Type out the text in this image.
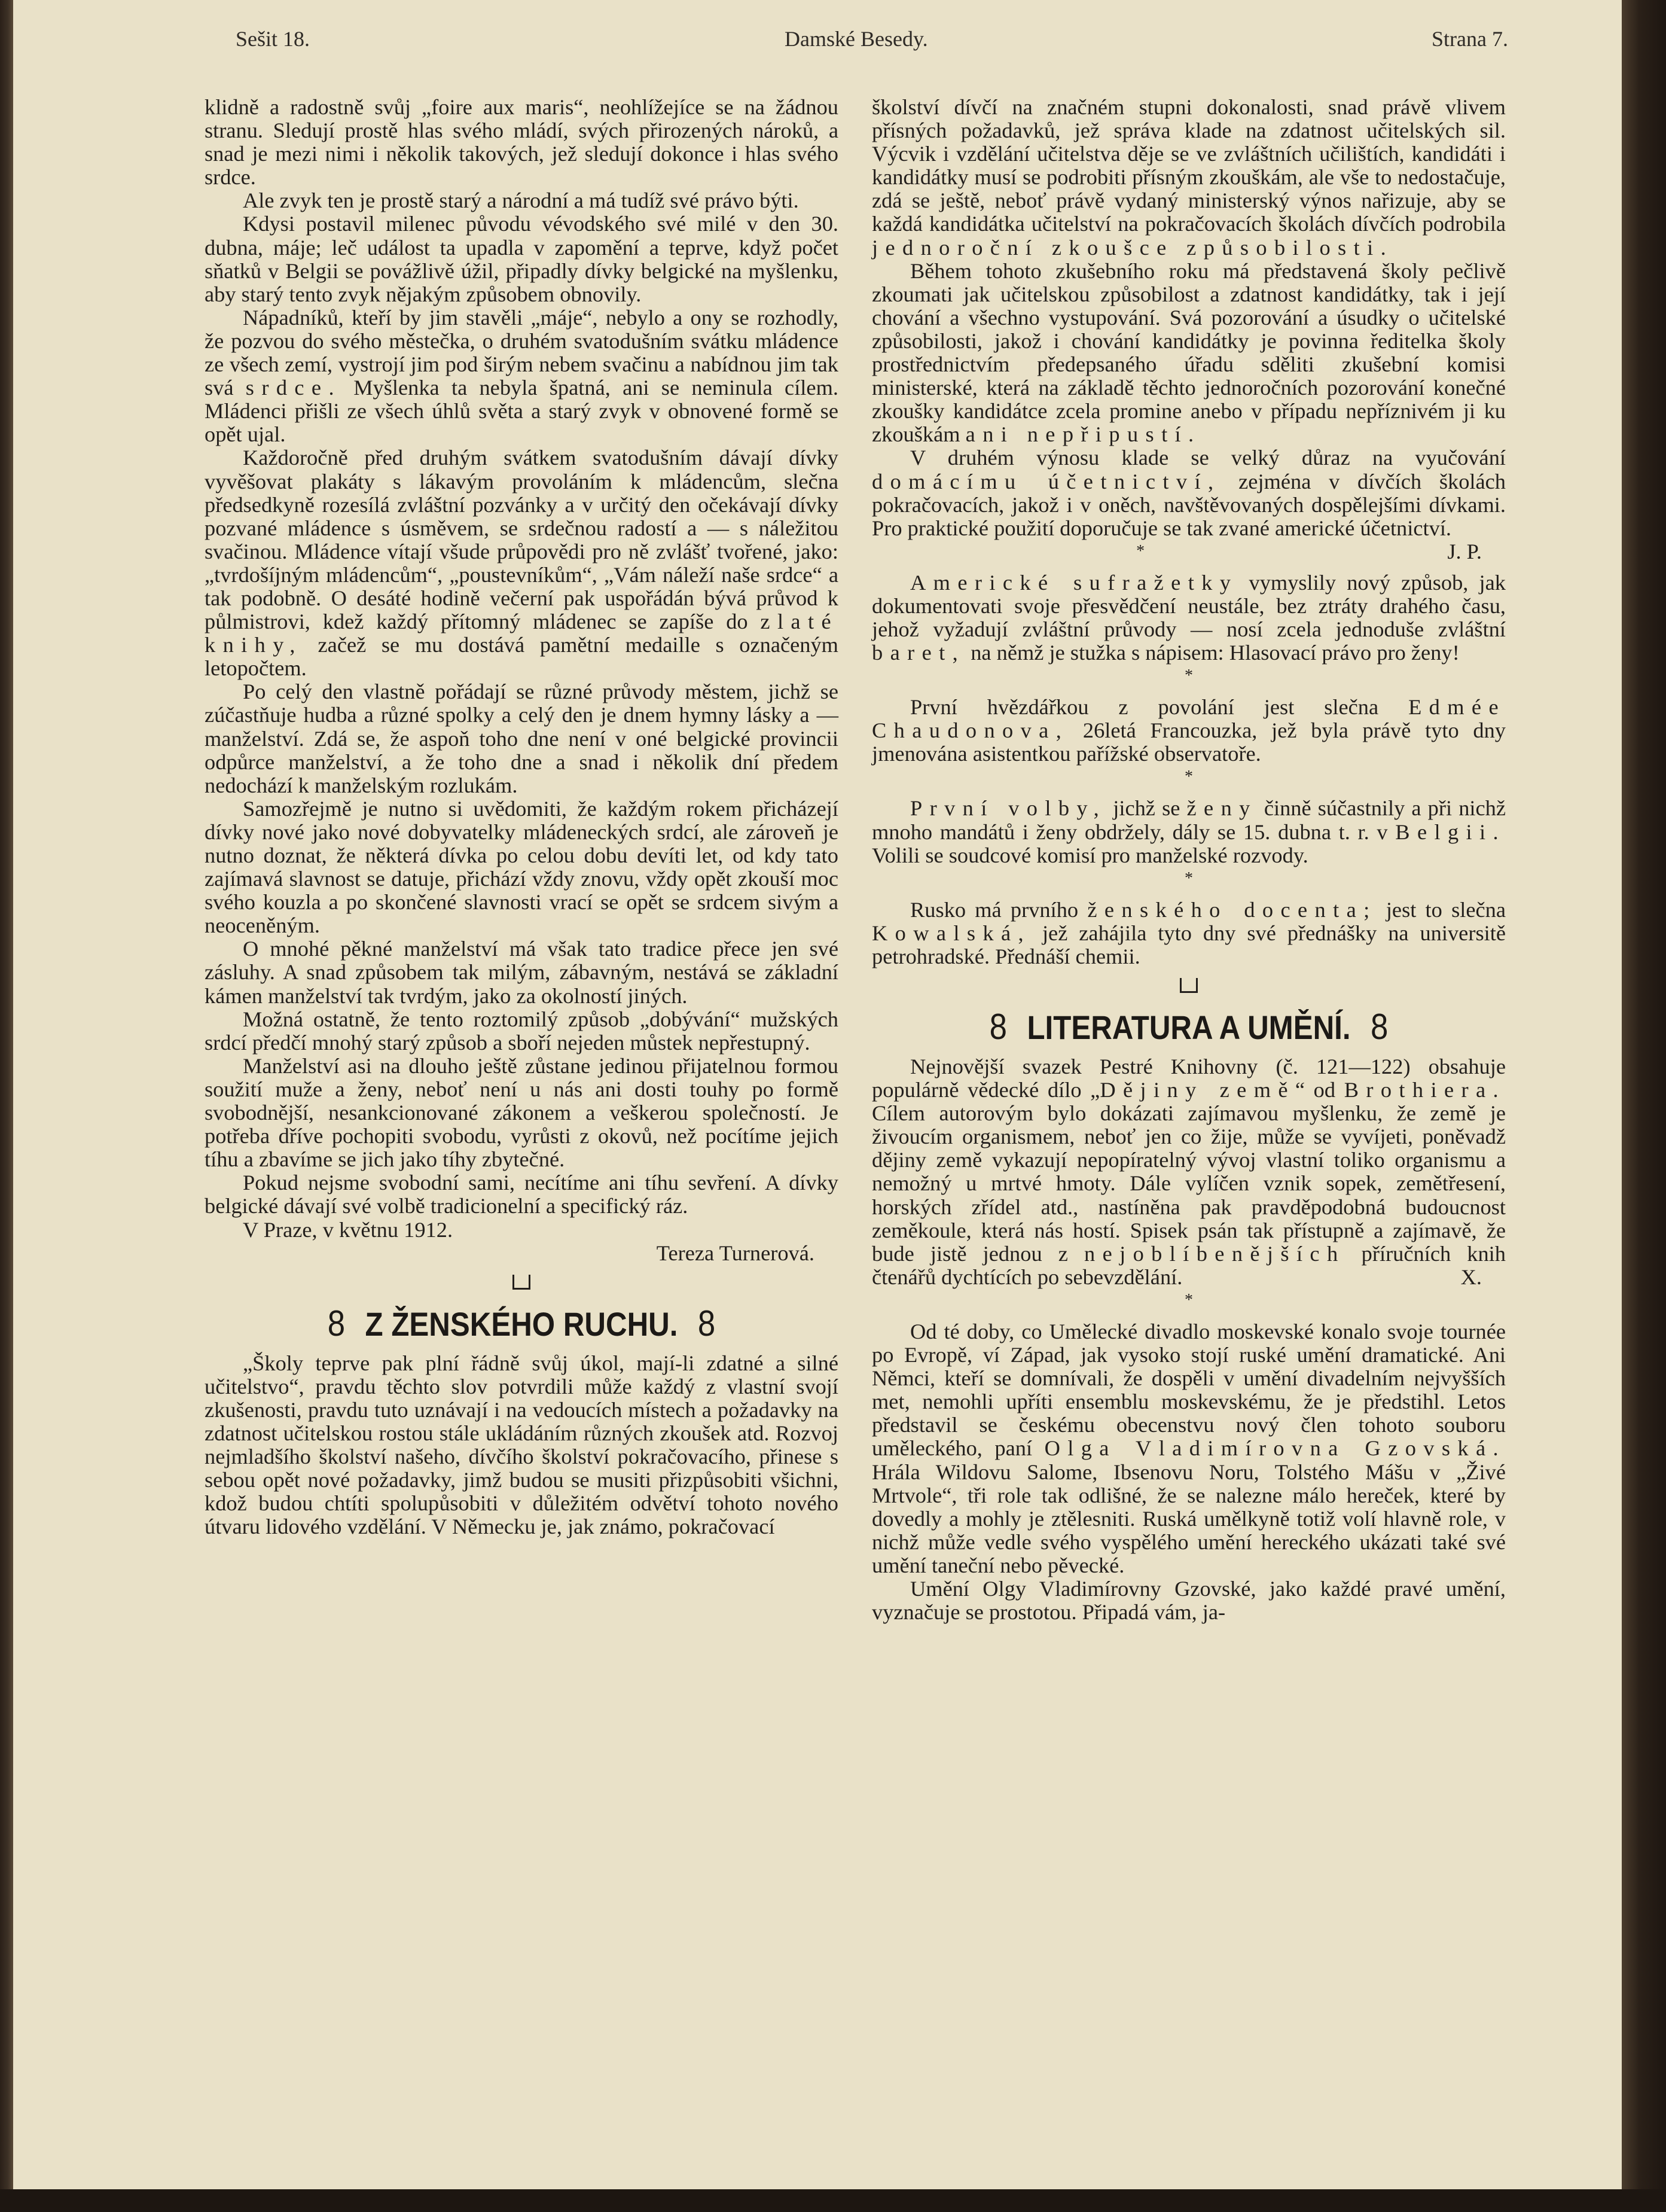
Sešit 18.	Damské Besedy.	Strana 7.

klidně a radostně svůj „foire aux maris“, neohlížejíce se na žádnou stranu. Sledují prostě hlas svého mládí, svých přirozených nároků, a snad je mezi nimi i několik takových, jež sledují dokonce i hlas svého srdce.

Ale zvyk ten je prostě starý a národní a má tudíž své právo býti.

Kdysi postavil milenec původu vévodského své milé v den 30. dubna, máje; leč událost ta upadla v zapomění a teprve, když počet sňatků v Belgii se povážlivě úžil, připadly dívky belgické na myšlenku, aby starý tento zvyk nějakým způsobem obnovily.

Nápadníků, kteří by jim stavěli „máje“, nebylo a ony se rozhodly, že pozvou do svého městečka, o druhém svatodušním svátku mládence ze všech zemí, vystrojí jim pod širým nebem svačinu a nabídnou jim tak svá srdce. Myšlenka ta nebyla špatná, ani se neminula cílem. Mládenci přišli ze všech úhlů světa a starý zvyk v obnovené formě se opět ujal.

Každoročně před druhým svátkem svatodušním dávají dívky vyvěšovat plakáty s lákavým provoláním k mládencům, slečna předsedkyně rozesílá zvláštní pozvánky a v určitý den očekávají dívky pozvané mládence s úsměvem, se srdečnou radostí a — s náležitou svačinou. Mládence vítají všude průpovědi pro ně zvlášť tvořené, jako: „tvrdošíjným mládencům“, „poustevníkům“, „Vám náleží naše srdce“ a tak podobně. O desáté hodině večerní pak uspořádán bývá průvod k půlmistrovi, kdež každý přítomný mládenec se zapíše do zlaté knihy, začež se mu dostává pamětní medaille s označeným letopočtem.

Po celý den vlastně pořádají se různé průvody městem, jichž se zúčastňuje hudba a různé spolky a celý den je dnem hymny lásky a — manželství. Zdá se, že aspoň toho dne není v oné belgické provincii odpůrce manželství, a že toho dne a snad i několik dní předem nedochází k manželským rozlukám.

Samozřejmě je nutno si uvědomiti, že každým rokem přicházejí dívky nové jako nové dobyvatelky mládeneckých srdcí, ale zároveň je nutno doznat, že některá dívka po celou dobu devíti let, od kdy tato zajímavá slavnost se datuje, přichází vždy znovu, vždy opět zkouší moc svého kouzla a po skončené slavnosti vrací se opět se srdcem sivým a neoceněným.

O mnohé pěkné manželství má však tato tradice přece jen své zásluhy. A snad způsobem tak milým, zábavným, nestává se základní kámen manželství tak tvrdým, jako za okolností jiných.

Možná ostatně, že tento roztomilý způsob „dobývání“ mužských srdcí předčí mnohý starý způsob a sboří nejeden můstek nepřestupný.

Manželství asi na dlouho ještě zůstane jedinou přijatelnou formou soužití muže a ženy, neboť není u nás ani dosti touhy po formě svobodnější, nesankcionované zákonem a veškerou společností. Je potřeba dříve pochopiti svobodu, vyrůsti z okovů, než pocítíme jejich tíhu a zbavíme se jich jako tíhy zbytečné.

Pokud nejsme svobodní sami, necítíme ani tíhu sevření. A dívky belgické dávají své volbě tradicionelní a specifický ráz.

V Praze, v květnu 1912.

Tereza Turnerová.

8 Z ŽENSKÉHO RUCHU. 8

„Školy teprve pak plní řádně svůj úkol, mají-li zdatné a silné učitelstvo“, pravdu těchto slov potvrdili může každý z vlastní svojí zkušenosti, pravdu tuto uznávají i na vedoucích místech a požadavky na zdatnost učitelskou rostou stále ukládáním různých zkoušek atd. Rozvoj nejmladšího školství našeho, dívčího školství pokračovacího, přinese s sebou opět nové požadavky, jimž budou se musiti přizpůsobiti všichni, kdož budou chtíti spolupůsobiti v důležitém odvětví tohoto nového útvaru lidového vzdělání. V Německu je, jak známo, pokračovací

školství dívčí na značném stupni dokonalosti, snad právě vlivem přísných požadavků, jež správa klade na zdatnost učitelských sil. Výcvik i vzdělání učitelstva děje se ve zvláštních učilištích, kandidáti i kandidátky musí se podrobiti přísným zkouškám, ale vše to nedostačuje, zdá se ještě, neboť právě vydaný ministerský výnos nařizuje, aby se každá kandidátka učitelství na pokračovacích školách dívčích podrobila jednoroční zkoušce způsobilosti.

Během tohoto zkušebního roku má představená školy pečlivě zkoumati jak učitelskou způsobilost a zdatnost kandidátky, tak i její chování a všechno vystupování. Svá pozorování a úsudky o učitelské způsobilosti, jakož i chování kandidátky je povinna ředitelka školy prostřednictvím předepsaného úřadu sděliti zkušební komisi ministerské, která na základě těchto jednoročních pozorování konečné zkoušky kandidátce zcela promine anebo v případu nepříznivém ji ku zkouškám ani nepřipustí.

V druhém výnosu klade se velký důraz na vyučování domácímu účetnictví, zejména v dívčích školách pokračovacích, jakož i v oněch, navštěvovaných dospělejšími dívkami. Pro praktické použití doporučuje se tak zvané americké účetnictví.
J. P.

*

Americké sufražetky vymyslily nový způsob, jak dokumentovati svoje přesvědčení neustále, bez ztráty drahého času, jehož vyžadují zvláštní průvody — nosí zcela jednoduše zvláštní baret, na němž je stužka s nápisem: Hlasovací právo pro ženy!

*

První hvězdářkou z povolání jest slečna Edmée Chaudonova, 26letá Francouzka, jež byla právě tyto dny jmenována asistentkou pařížské observatoře.

*

První volby, jichž se ženy činně súčastnily a při nichž mnoho mandátů i ženy obdržely, dály se 15. dubna t. r. v Belgii. Volili se soudcové komisí pro manželské rozvody.

*

Rusko má prvního ženského docenta; jest to slečna Kowalská, jež zahájila tyto dny své přednášky na universitě petrohradské. Přednáší chemii.

8 LITERATURA A UMĚNÍ. 8

Nejnovější svazek Pestré Knihovny (č. 121—122) obsahuje populárně vědecké dílo „Dějiny země“ od Brothiera. Cílem autorovým bylo dokázati zajímavou myšlenku, že země je živoucím organismem, neboť jen co žije, může se vyvíjeti, poněvadž dějiny země vykazují nepopíratelný vývoj vlastní toliko organismu a nemožný u mrtvé hmoty. Dále vylíčen vznik sopek, zemětřesení, horských zřídel atd., nastíněna pak pravděpodobná budoucnost zeměkoule, která nás hostí. Spisek psán tak přístupně a zajímavě, že bude jistě jednou z nejoblíbenějších příručních knih čtenářů dychtících po sebevzdělání.	X.

*

Od té doby, co Umělecké divadlo moskevské konalo svoje tournée po Evropě, ví Západ, jak vysoko stojí ruské umění dramatické. Ani Němci, kteří se domnívali, že dospěli v umění divadelním nejvyšších met, nemohli upříti ensemblu moskevskému, že je předstihl. Letos představil se českému obecenstvu nový člen tohoto souboru uměleckého, paní Olga Vladimírovna Gzovská. Hrála Wildovu Salome, Ibsenovu Noru, Tolstého Mášu v „Živé Mrtvole“, tři role tak odlišné, že se nalezne málo hereček, které by dovedly a mohly je ztělesniti. Ruská umělkyně totiž volí hlavně role, v nichž může vedle svého vyspělého umění hereckého ukázati také své umění taneční nebo pěvecké.

Umění Olgy Vladimírovny Gzovské, jako každé pravé umění, vyznačuje se prostotou. Připadá vám, ja-
